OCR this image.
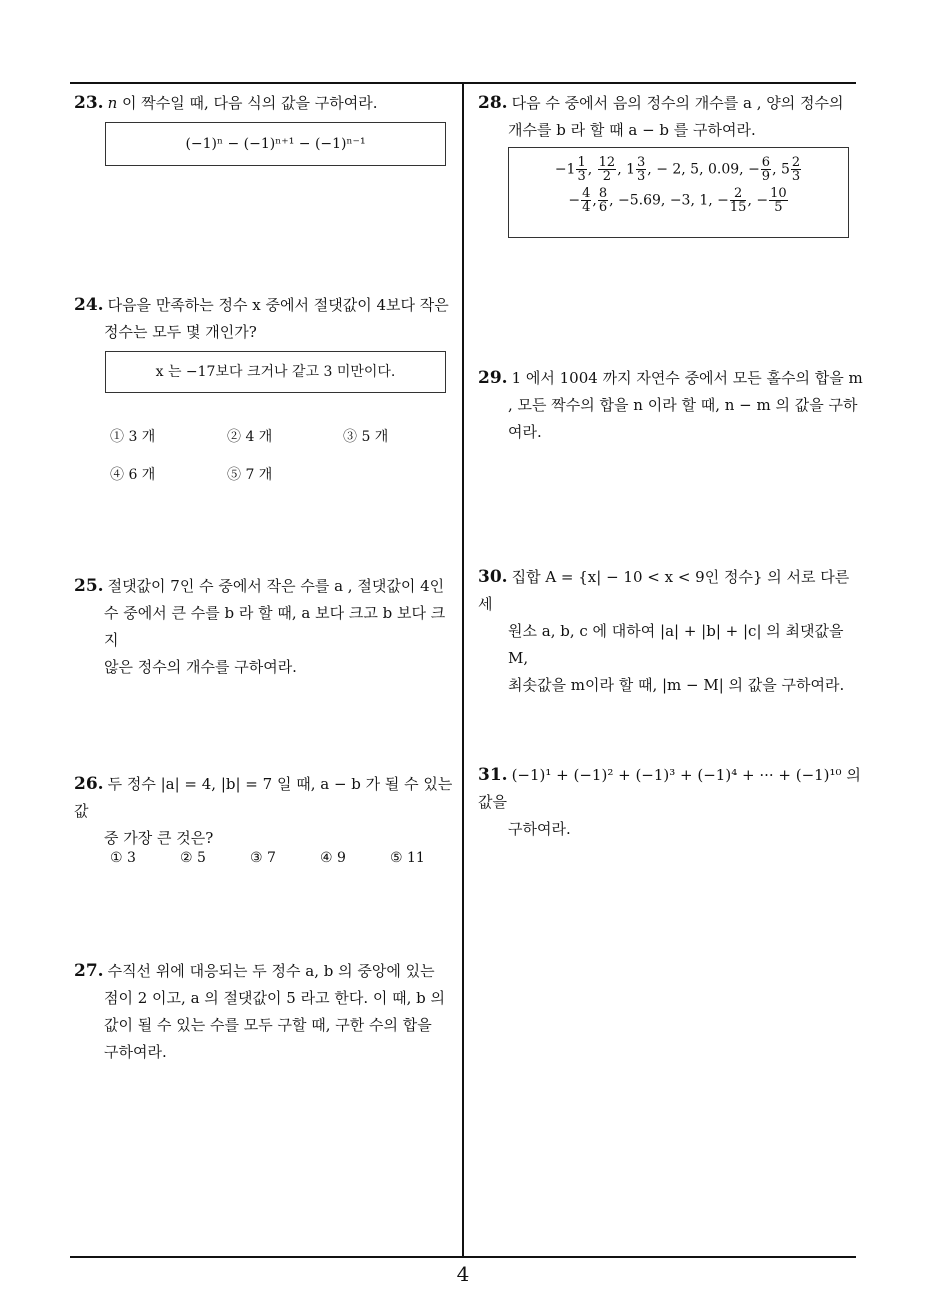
23. n 이 짝수일 때, 다음 식의 값을 구하여라.
(−1)ⁿ − (−1)ⁿ⁺¹ − (−1)ⁿ⁻¹
24. 다음을 만족하는 정수 x 중에서 절댓값이 4보다 작은
정수는 모두 몇 개인가?
x 는 −17보다 크거나 같고 3 미만이다.
① 3 개	② 4 개	③ 5 개
④ 6 개	⑤ 7 개
25. 절댓값이 7인 수 중에서 작은 수를 a , 절댓값이 4인
수 중에서 큰 수를 b 라 할 때, a 보다 크고 b 보다 크지
않은 정수의 개수를 구하여라.
26. 두 정수 |a| = 4, |b| = 7 일 때, a − b 가 될 수 있는 값
중 가장 큰 것은?
① 3	② 5	③ 7	④ 9	⑤ 11
27. 수직선 위에 대응되는 두 정수 a, b 의 중앙에 있는
점이 2 이고, a 의 절댓값이 5 라고 한다. 이 때, b 의
값이 될 수 있는 수를 모두 구할 때, 구한 수의 합을
구하여라.
28. 다음 수 중에서 음의 정수의 개수를 a , 양의 정수의
개수를 b 라 할 때 a − b 를 구하여라.
$-1 \frac{1}{3}$ , $\frac{12}{2}$ , $1 \frac{3}{3}$ , − 2, 5, 0.09, − $\frac{6}{9}$ , $5 \frac{2}{3}$
− $\frac{4}{4}$ , $\frac{8}{6}$ , −5.69, −3, 1, − $\frac{2}{15}$ , − $\frac{10}{5}$
29. 1 에서 1004 까지 자연수 중에서 모든 홀수의 합을 m
, 모든 짝수의 합을 n 이라 할 때, n − m 의 값을 구하
여라.
30. 집합 A = {x| − 10 < x < 9인 정수} 의 서로 다른 세
원소 a, b, c 에 대하여 |a| + |b| + |c| 의 최댓값을 M,
최솟값을 m이라 할 때, |m − M| 의 값을 구하여라.
31. (−1)¹ + (−1)² + (−1)³ + (−1)⁴ + ··· + (−1)¹⁰ 의 값을
구하여라.
4
